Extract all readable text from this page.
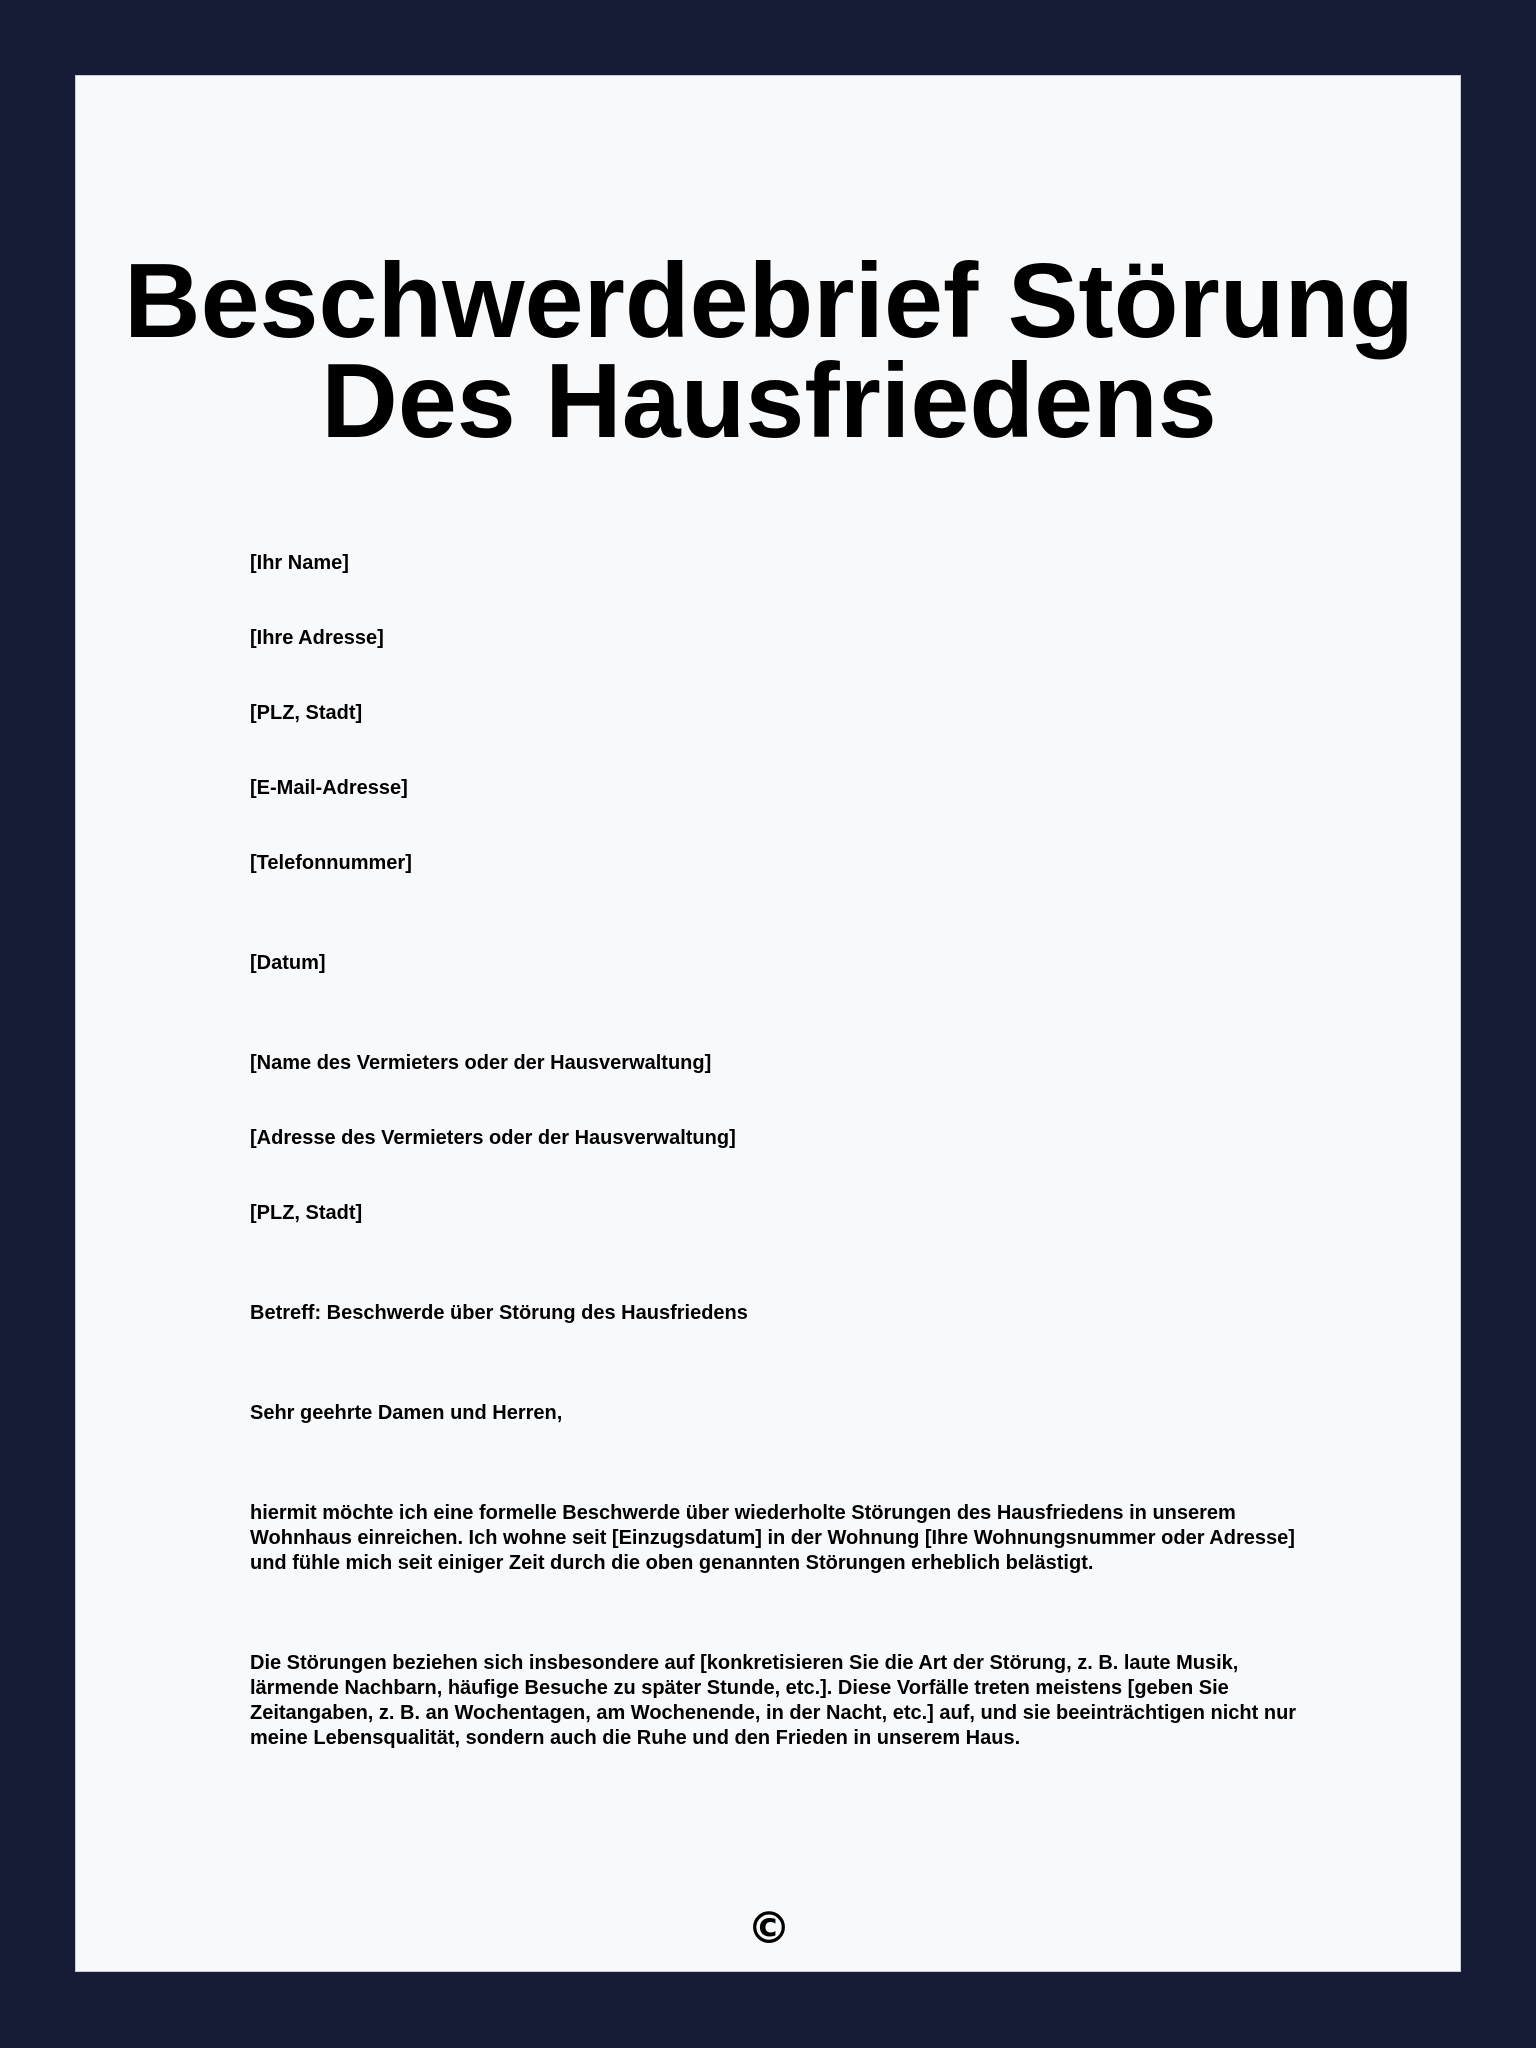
Beschwerdebrief Störung
Des Hausfriedens

[Ihr Name]

[Ihre Adresse]

[PLZ, Stadt]

[E-Mail-Adresse]

[Telefonnummer]

[Datum]

[Name des Vermieters oder der Hausverwaltung]

[Adresse des Vermieters oder der Hausverwaltung]

[PLZ, Stadt]

Betreff: Beschwerde über Störung des Hausfriedens

Sehr geehrte Damen und Herren,

hiermit möchte ich eine formelle Beschwerde über wiederholte Störungen des Hausfriedens in unserem Wohnhaus einreichen. Ich wohne seit [Einzugsdatum] in der Wohnung [Ihre Wohnungsnummer oder Adresse] und fühle mich seit einiger Zeit durch die oben genannten Störungen erheblich belästigt.

Die Störungen beziehen sich insbesondere auf [konkretisieren Sie die Art der Störung, z. B. laute Musik, lärmende Nachbarn, häufige Besuche zu später Stunde, etc.]. Diese Vorfälle treten meistens [geben Sie Zeitangaben, z. B. an Wochentagen, am Wochenende, in der Nacht, etc.] auf, und sie beeinträchtigen nicht nur meine Lebensqualität, sondern auch die Ruhe und den Frieden in unserem Haus.

©
